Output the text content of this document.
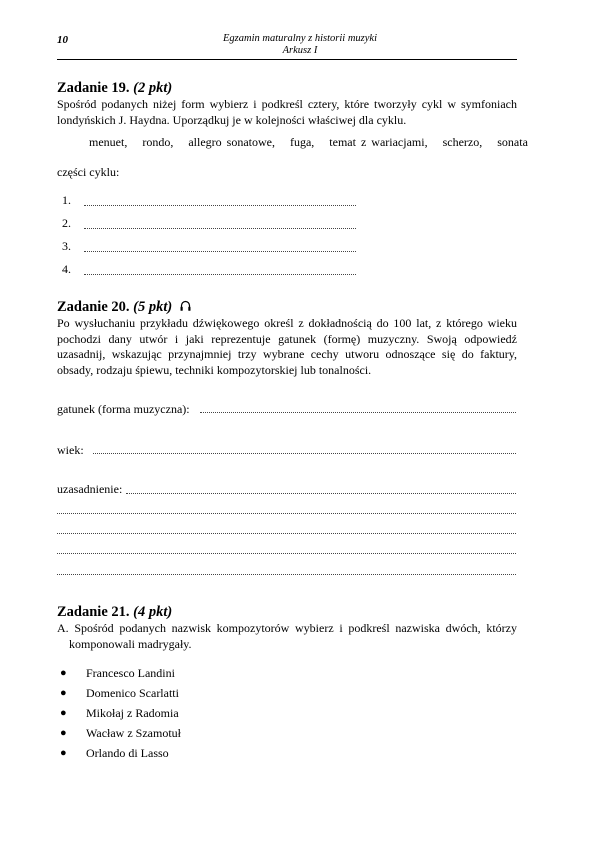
10	Egzamin maturalny z historii muzyki
Arkusz I
Zadanie 19. (2 pkt)
Spośród podanych niżej form wybierz i podkreśl cztery, które tworzyły cykl w symfoniach
londyńskich J. Haydna. Uporządkuj je w kolejności właściwej dla cyklu.
menuet, rondo, allegro sonatowe, fuga, temat z wariacjami, scherzo, sonata
części cyklu:
1.
2.
3.
4.
Zadanie 20. (5 pkt)
Po wysłuchaniu przykładu dźwiękowego określ z dokładnością do 100 lat, z którego wieku
pochodzi dany utwór i jaki reprezentuje gatunek (formę) muzyczny. Swoją odpowiedź
uzasadnij, wskazując przynajmniej trzy wybrane cechy utworu odnoszące się do faktury,
obsady, rodzaju śpiewu, techniki kompozytorskiej lub tonalności.
gatunek (forma muzyczna):
wiek:
uzasadnienie:
Zadanie 21. (4 pkt)
A. Spośród podanych nazwisk kompozytorów wybierz i podkreśl nazwiska dwóch, którzy
komponowali madrygały.
● Francesco Landini
● Domenico Scarlatti
● Mikołaj z Radomia
● Wacław z Szamotuł
● Orlando di Lasso
